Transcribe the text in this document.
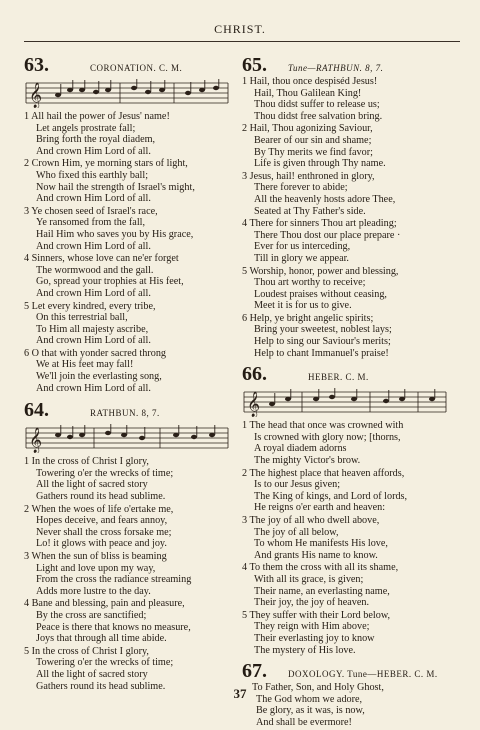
CHRIST.
63.	CORONATION. C. M.
𝄞
1 All hail the power of Jesus' name!
Let angels prostrate fall;
Bring forth the royal diadem,
And crown Him Lord of all.
2 Crown Him, ye morning stars of light,
Who fixed this earthly ball;
Now hail the strength of Israel's might,
And crown Him Lord of all.
3 Ye chosen seed of Israel's race,
Ye ransomed from the fall,
Hail Him who saves you by His grace,
And crown Him Lord of all.
4 Sinners, whose love can ne'er forget
The wormwood and the gall.
Go, spread your trophies at His feet,
And crown Him Lord of all.
5 Let every kindred, every tribe,
On this terrestrial ball,
To Him all majesty ascribe,
And crown Him Lord of all.
6 O that with yonder sacred throng
We at His feet may fall!
We'll join the everlasting song,
And crown Him Lord of all.
64.	RATHBUN. 8, 7.
𝄞
1 In the cross of Christ I glory,
Towering o'er the wrecks of time;
All the light of sacred story
Gathers round its head sublime.
2 When the woes of life o'ertake me,
Hopes deceive, and fears annoy,
Never shall the cross forsake me;
Lo! it glows with peace and joy.
3 When the sun of bliss is beaming
Light and love upon my way,
From the cross the radiance streaming
Adds more lustre to the day.
4 Bane and blessing, pain and pleasure,
By the cross are sanctified;
Peace is there that knows no measure,
Joys that through all time abide.
5 In the cross of Christ I glory,
Towering o'er the wrecks of time;
All the light of sacred story
Gathers round its head sublime.
65.	Tune—RATHBUN. 8, 7.
1 Hail, thou once despiséd Jesus!
Hail, Thou Galilean King!
Thou didst suffer to release us;
Thou didst free salvation bring.
2 Hail, Thou agonizing Saviour,
Bearer of our sin and shame;
By Thy merits we find favor;
Life is given through Thy name.
3 Jesus, hail! enthroned in glory,
There forever to abide;
All the heavenly hosts adore Thee,
Seated at Thy Father's side.
4 There for sinners Thou art pleading;
There Thou dost our place prepare ·
Ever for us interceding,
Till in glory we appear.
5 Worship, honor, power and blessing,
Thou art worthy to receive;
Loudest praises without ceasing,
Meet it is for us to give.
6 Help, ye bright angelic spirits;
Bring your sweetest, noblest lays;
Help to sing our Saviour's merits;
Help to chant Immanuel's praise!
66.	HEBER. C. M.
𝄞
1 The head that once was crowned with
Is crowned with glory now; [thorns,
A royal diadem adorns
The mighty Victor's brow.
2 The highest place that heaven affords,
Is to our Jesus given;
The King of kings, and Lord of lords,
He reigns o'er earth and heaven:
3 The joy of all who dwell above,
The joy of all below,
To whom He manifests His love,
And grants His name to know.
4 To them the cross with all its shame,
With all its grace, is given;
Their name, an everlasting name,
Their joy, the joy of heaven.
5 They suffer with their Lord below,
They reign with Him above;
Their everlasting joy to know
The mystery of His love.
67.	DOXOLOGY. Tune—HEBER. C. M.
To Father, Son, and Holy Ghost,
The God whom we adore,
Be glory, as it was, is now,
And shall be evermore!
37
